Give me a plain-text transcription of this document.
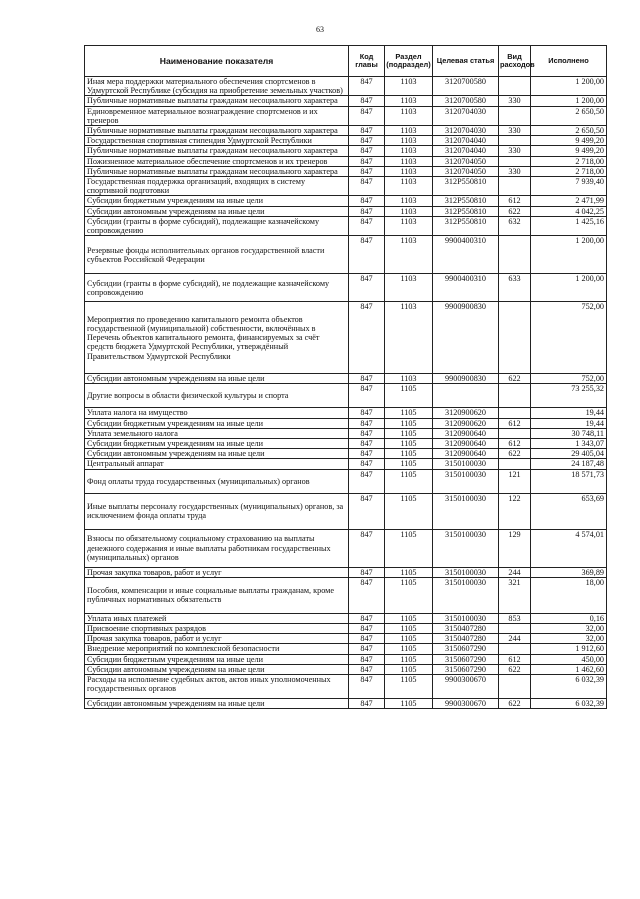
63
Наименование показателя	Код главы	Раздел (подраздел)	Целевая статья	Вид расходов	Исполнено
Иная мера поддержки материального обеспечения спортсменов в Удмуртской Республике (субсидия на приобретение земельных участков)	847	1103	3120700580		1 200,00
Публичные нормативные выплаты гражданам несоциального характера	847	1103	3120700580	330	1 200,00
Единовременное материальное вознаграждение спортсменов и их тренеров	847	1103	3120704030		2 650,50
Публичные нормативные выплаты гражданам несоциального характера	847	1103	3120704030	330	2 650,50
Государственная спортивная стипендия Удмуртской Республики	847	1103	3120704040		9 499,20
Публичные нормативные выплаты гражданам несоциального характера	847	1103	3120704040	330	9 499,20
Пожизненное материальное обеспечение спортсменов и их тренеров	847	1103	3120704050		2 718,00
Публичные нормативные выплаты гражданам несоциального характера	847	1103	3120704050	330	2 718,00
Государственная поддержка организаций, входящих в систему спортивной подготовки	847	1103	312P550810		7 939,40
Субсидии бюджетным учреждениям на иные цели	847	1103	312P550810	612	2 471,99
Субсидии автономным учреждениям на иные цели	847	1103	312P550810	622	4 042,25
Субсидии (гранты в форме субсидий), подлежащие казначейскому сопровождению	847	1103	312P550810	632	1 425,16
Резервные фонды исполнительных органов государственной власти субъектов Российской Федерации	847	1103	9900400310		1 200,00
Субсидии (гранты в форме субсидий), не подлежащие казначейскому сопровождению	847	1103	9900400310	633	1 200,00
Мероприятия по проведению капитального ремонта объектов государственной (муниципальной) собственности, включённых в Перечень объектов капитального ремонта, финансируемых за счёт средств бюджета Удмуртской Республики, утверждённый Правительством Удмуртской Республики	847	1103	9900900830		752,00
Субсидии автономным учреждениям на иные цели	847	1103	9900900830	622	752,00
Другие вопросы в области физической культуры и спорта	847	1105			73 255,32
Уплата налога на имущество	847	1105	3120900620		19,44
Субсидии бюджетным учреждениям на иные цели	847	1105	3120900620	612	19,44
Уплата земельного налога	847	1105	3120900640		30 748,11
Субсидии бюджетным учреждениям на иные цели	847	1105	3120900640	612	1 343,07
Субсидии автономным учреждениям на иные цели	847	1105	3120900640	622	29 405,04
Центральный аппарат	847	1105	3150100030		24 187,48
Фонд оплаты труда государственных (муниципальных) органов	847	1105	3150100030	121	18 571,73
Иные выплаты персоналу государственных (муниципальных) органов, за исключением фонда оплаты труда	847	1105	3150100030	122	653,69
Взносы по обязательному социальному страхованию на выплаты денежного содержания и иные выплаты работникам государственных (муниципальных) органов	847	1105	3150100030	129	4 574,01
Прочая закупка товаров, работ и услуг	847	1105	3150100030	244	369,89
Пособия, компенсации и иные социальные выплаты гражданам, кроме публичных нормативных обязательств	847	1105	3150100030	321	18,00
Уплата иных платежей	847	1105	3150100030	853	0,16
Присвоение спортивных разрядов	847	1105	3150407280		32,00
Прочая закупка товаров, работ и услуг	847	1105	3150407280	244	32,00
Внедрение мероприятий по комплексной безопасности	847	1105	3150607290		1 912,60
Субсидии бюджетным учреждениям на иные цели	847	1105	3150607290	612	450,00
Субсидии автономным учреждениям на иные цели	847	1105	3150607290	622	1 462,60
Расходы на исполнение судебных актов, актов иных уполномоченных государственных органов	847	1105	9900300670		6 032,39
Субсидии автономным учреждениям на иные цели	847	1105	9900300670	622	6 032,39
